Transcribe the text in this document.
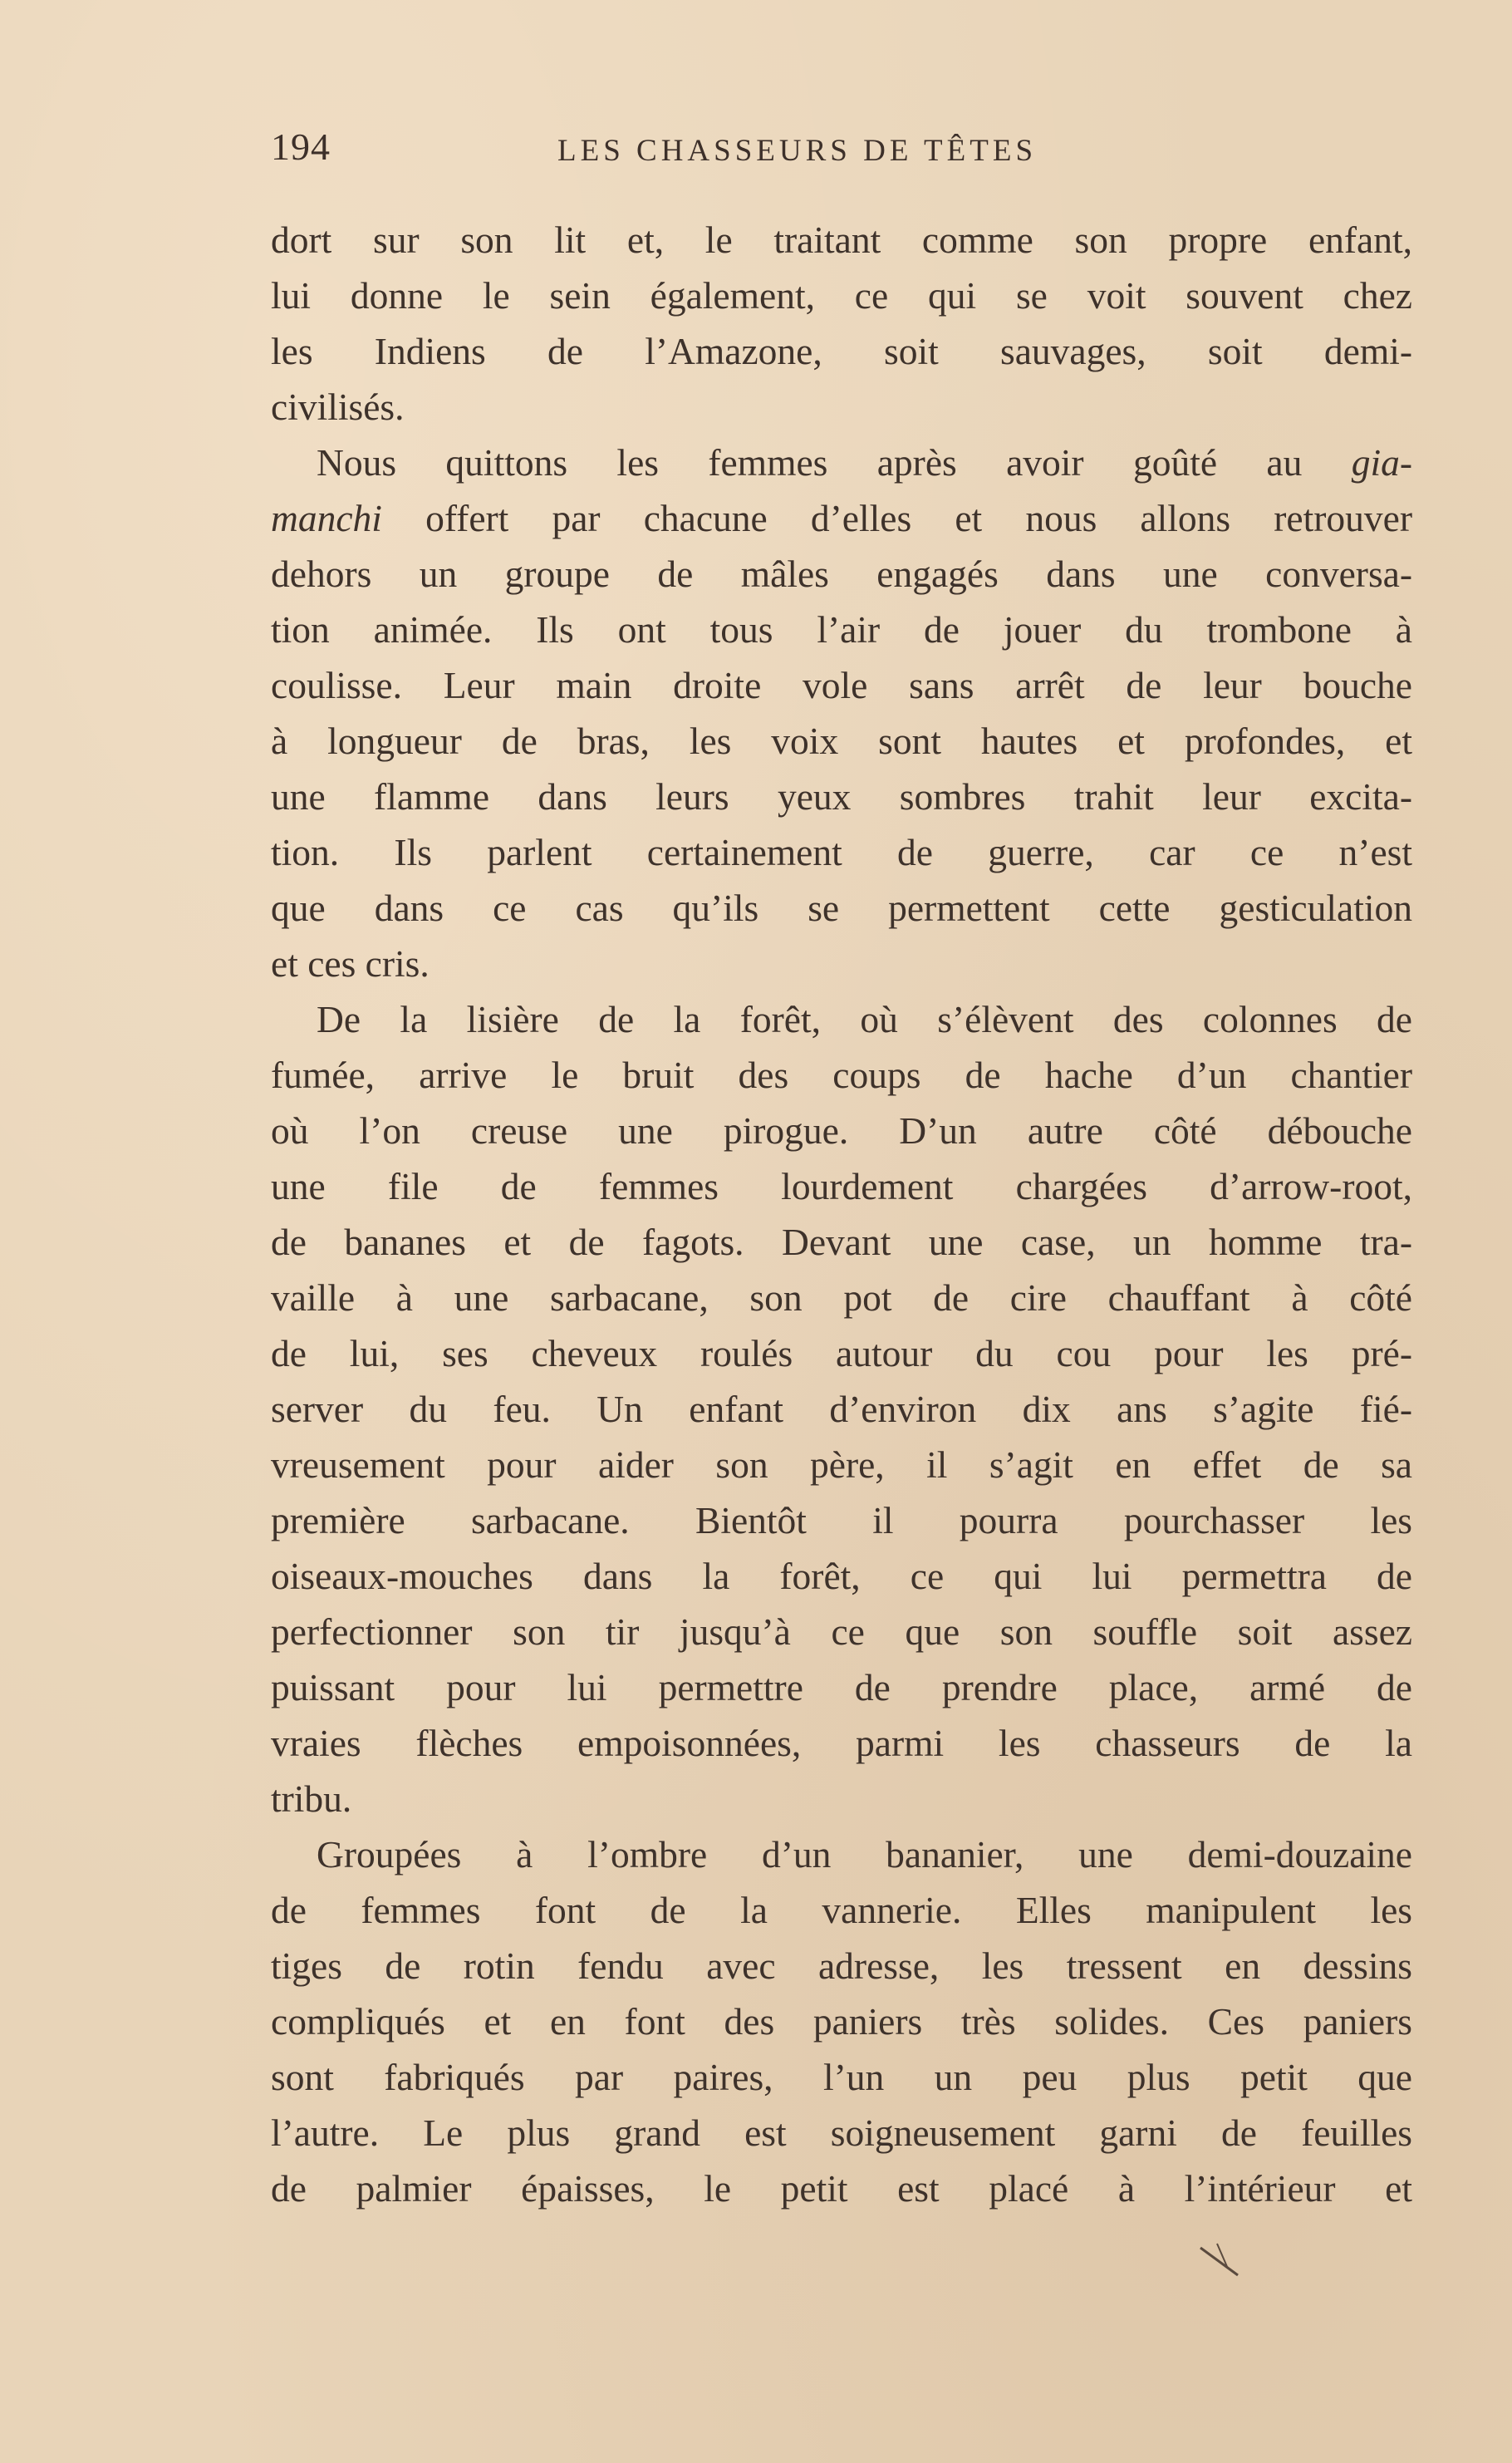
194	LES CHASSEURS DE TÊTES
dort sur son lit et, le traitant comme son propre enfant,
lui donne le sein également, ce qui se voit souvent chez
les Indiens de l’Amazone, soit sauvages, soit demi-
civilisés.
Nous quittons les femmes après avoir goûté au gia-
manchi offert par chacune d’elles et nous allons retrouver
dehors un groupe de mâles engagés dans une conversa-
tion animée. Ils ont tous l’air de jouer du trombone à
coulisse. Leur main droite vole sans arrêt de leur bouche
à longueur de bras, les voix sont hautes et profondes, et
une flamme dans leurs yeux sombres trahit leur excita-
tion. Ils parlent certainement de guerre, car ce n’est
que dans ce cas qu’ils se permettent cette gesticulation
et ces cris.
De la lisière de la forêt, où s’élèvent des colonnes de
fumée, arrive le bruit des coups de hache d’un chantier
où l’on creuse une pirogue. D’un autre côté débouche
une file de femmes lourdement chargées d’arrow-root,
de bananes et de fagots. Devant une case, un homme tra-
vaille à une sarbacane, son pot de cire chauffant à côté
de lui, ses cheveux roulés autour du cou pour les pré-
server du feu. Un enfant d’environ dix ans s’agite fié-
vreusement pour aider son père, il s’agit en effet de sa
première sarbacane. Bientôt il pourra pourchasser les
oiseaux-mouches dans la forêt, ce qui lui permettra de
perfectionner son tir jusqu’à ce que son souffle soit assez
puissant pour lui permettre de prendre place, armé de
vraies flèches empoisonnées, parmi les chasseurs de la
tribu.
Groupées à l’ombre d’un bananier, une demi-douzaine
de femmes font de la vannerie. Elles manipulent les
tiges de rotin fendu avec adresse, les tressent en dessins
compliqués et en font des paniers très solides. Ces paniers
sont fabriqués par paires, l’un un peu plus petit que
l’autre. Le plus grand est soigneusement garni de feuilles
de palmier épaisses, le petit est placé à l’intérieur et
